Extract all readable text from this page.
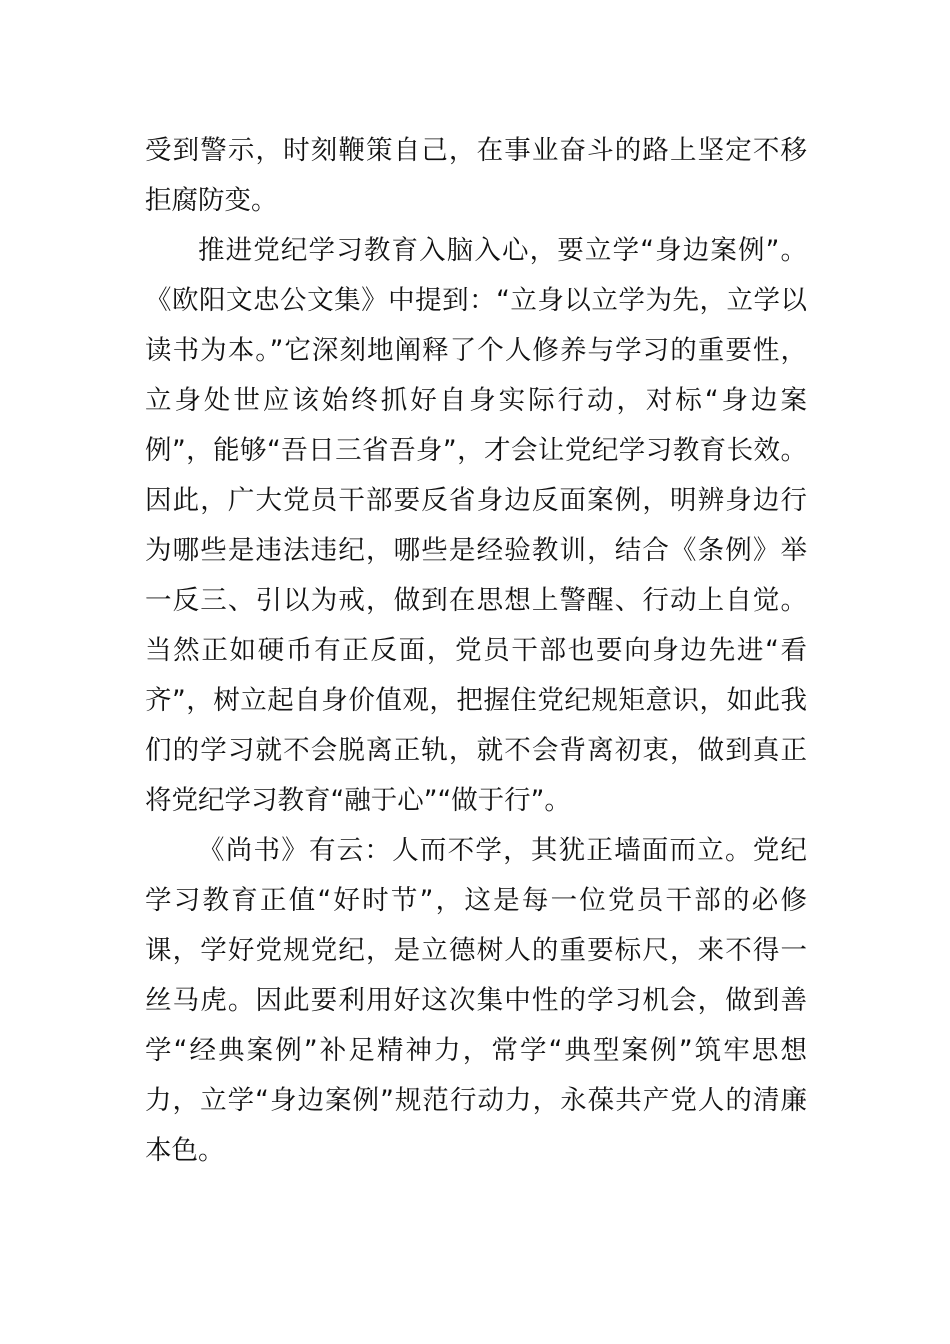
受到警示，时刻鞭策自己，在事业奋斗的路上坚定不移拒腐防变。

推进党纪学习教育入脑入心，要立学“身边案例”。《欧阳文忠公文集》中提到：“立身以立学为先，立学以读书为本。”它深刻地阐释了个人修养与学习的重要性，立身处世应该始终抓好自身实际行动，对标“身边案例”，能够“吾日三省吾身”，才会让党纪学习教育长效。因此，广大党员干部要反省身边反面案例，明辨身边行为哪些是违法违纪，哪些是经验教训，结合《条例》举一反三、引以为戒，做到在思想上警醒、行动上自觉。当然正如硬币有正反面，党员干部也要向身边先进“看齐”，树立起自身价值观，把握住党纪规矩意识，如此我们的学习就不会脱离正轨，就不会背离初衷，做到真正将党纪学习教育“融于心”“做于行”。

《尚书》有云：人而不学，其犹正墙面而立。党纪学习教育正值“好时节”，这是每一位党员干部的必修课，学好党规党纪，是立德树人的重要标尺，来不得一丝马虎。因此要利用好这次集中性的学习机会，做到善学“经典案例”补足精神力，常学“典型案例”筑牢思想力，立学“身边案例”规范行动力，永葆共产党人的清廉本色。
